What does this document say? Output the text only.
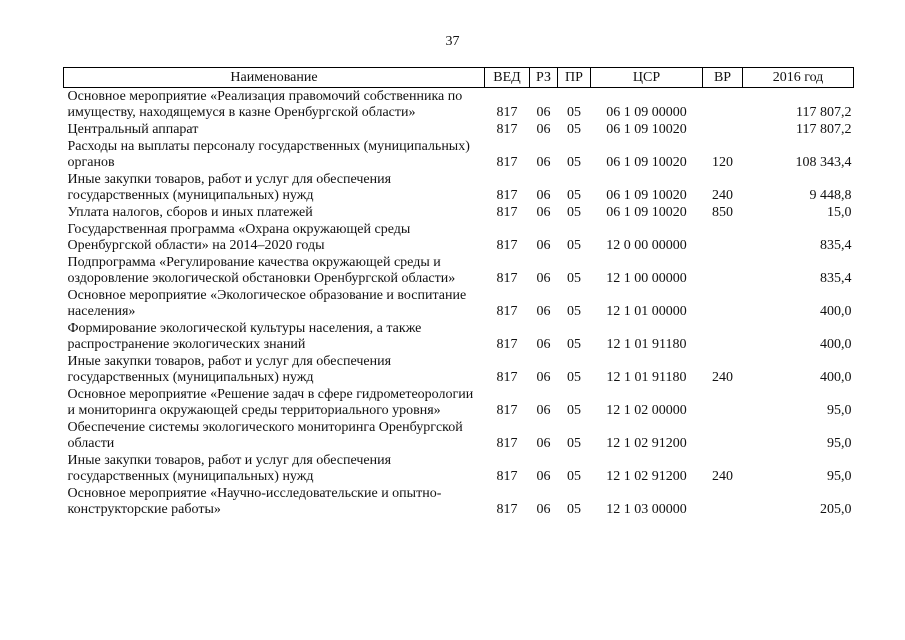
37
Наименование	ВЕД	РЗ	ПР	ЦСР	ВР	2016 год
Основное мероприятие «Реализация правомочий собственника по имуществу, находящемуся в казне Оренбургской области»	817	06	05	06 1 09 00000		117 807,2
Центральный аппарат	817	06	05	06 1 09 10020		117 807,2
Расходы на выплаты персоналу государственных (муниципальных) органов	817	06	05	06 1 09 10020	120	108 343,4
Иные закупки товаров, работ и услуг для обеспечения государственных (муниципальных) нужд	817	06	05	06 1 09 10020	240	9 448,8
Уплата налогов, сборов и иных платежей	817	06	05	06 1 09 10020	850	15,0
Государственная программа «Охрана окружающей среды Оренбургской области» на 2014–2020 годы	817	06	05	12 0 00 00000		835,4
Подпрограмма «Регулирование качества окружающей среды и оздоровление экологической обстановки Оренбургской области»	817	06	05	12 1 00 00000		835,4
Основное мероприятие «Экологическое образование и воспитание населения»	817	06	05	12 1 01 00000		400,0
Формирование экологической культуры населения, а также распространение экологических знаний	817	06	05	12 1 01 91180		400,0
Иные закупки товаров, работ и услуг для обеспечения государственных (муниципальных) нужд	817	06	05	12 1 01 91180	240	400,0
Основное мероприятие «Решение задач в сфере гидрометеорологии и мониторинга окружающей среды территориального уровня»	817	06	05	12 1 02 00000		95,0
Обеспечение системы экологического мониторинга Оренбургской области	817	06	05	12 1 02 91200		95,0
Иные закупки товаров, работ и услуг для обеспечения государственных (муниципальных) нужд	817	06	05	12 1 02 91200	240	95,0
Основное мероприятие «Научно-исследовательские и опытно-конструкторские работы»	817	06	05	12 1 03 00000		205,0
